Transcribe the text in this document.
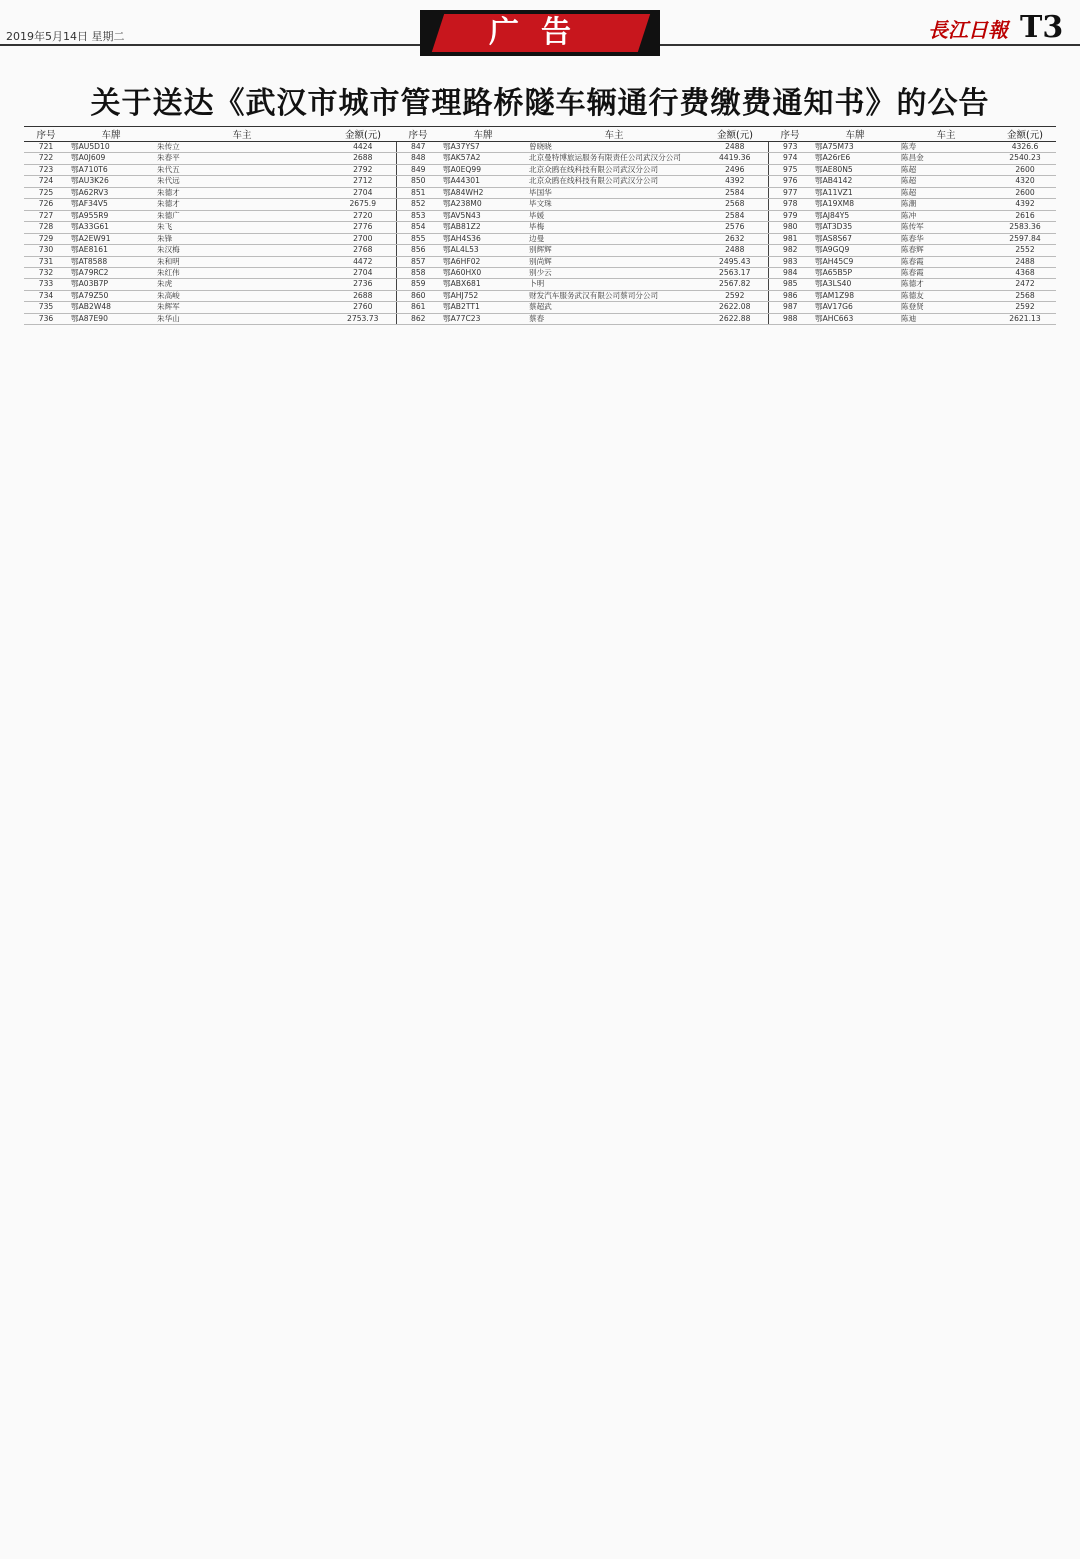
2019年5月14日 星期二	广告	長江日報 T3
关于送达《武汉市城市管理路桥隧车辆通行费缴费通知书》的公告
序号	车牌	车主	金额(元)	序号	车牌	车主	金额(元)	序号	车牌	车主	金额(元)
721	鄂AU5D10	朱传立	4424	847	鄂A37YS7	曾晓晓	2488	973	鄂A75M73	陈寿	4326.6
722	鄂A0J609	朱春平	2688	848	鄂AK57A2	北京曼特博旅运服务有限责任公司武汉分公司	4419.36	974	鄂A26rE6	陈昌金	2540.23
723	鄂A710T6	朱代五	2792	849	鄂A0EQ99	北京众鸥在线科技有限公司武汉分公司	2496	975	鄂AE80N5	陈超	2600
724	鄂AU3K26	朱代远	2712	850	鄂A44301	北京众鸥在线科技有限公司武汉分公司	4392	976	鄂AB4142	陈超	4320
725	鄂A62RV3	朱德才	2704	851	鄂A84WH2	毕国华	2584	977	鄂A11VZ1	陈超	2600
726	鄂AF34V5	朱德才	2675.9	852	鄂A238M0	毕文珠	2568	978	鄂A19XM8	陈潮	4392
727	鄂A955R9	朱德广	2720	853	鄂AV5N43	毕媛	2584	979	鄂AJ84Y5	陈冲	2616
728	鄂A33G61	朱飞	2776	854	鄂AB81Z2	毕梅	2576	980	鄂AT3D35	陈传军	2583.36
729	鄂A2EW91	朱锋	2700	855	鄂AH4S36	边曼	2632	981	鄂AS8S67	陈春华	2597.84
730	鄂AE8161	朱汉梅	2768	856	鄂AL4L53	别辉辉	2488	982	鄂A9GQ9	陈春辉	2552
731	鄂AT8588	朱和明	4472	857	鄂A6HF02	别尚辉	2495.43	983	鄂AH45C9	陈春霞	2488
732	鄂A79RC2	朱红伟	2704	858	鄂A60HX0	别少云	2563.17	984	鄂A65B5P	陈春霞	4368
733	鄂A03B7P	朱虎	2736	859	鄂ABX681	卜明	2567.82	985	鄂A3LS40	陈德才	2472
734	鄂A79Z50	朱高峻	2688	860	鄂AHJ752	财发汽车服务武汉有限公司蔡司分公司	2592	986	鄂AM1Z98	陈德友	2568
735	鄂AB2W48	朱辉军	2760	861	鄂AB2TT1	蔡超武	2622.08	987	鄂AV17G6	陈登贤	2592
736	鄂A87E90	朱华山	2753.73	862	鄂A77C23	蔡春	2622.88	988	鄂AHC663	陈迪	2621.13
